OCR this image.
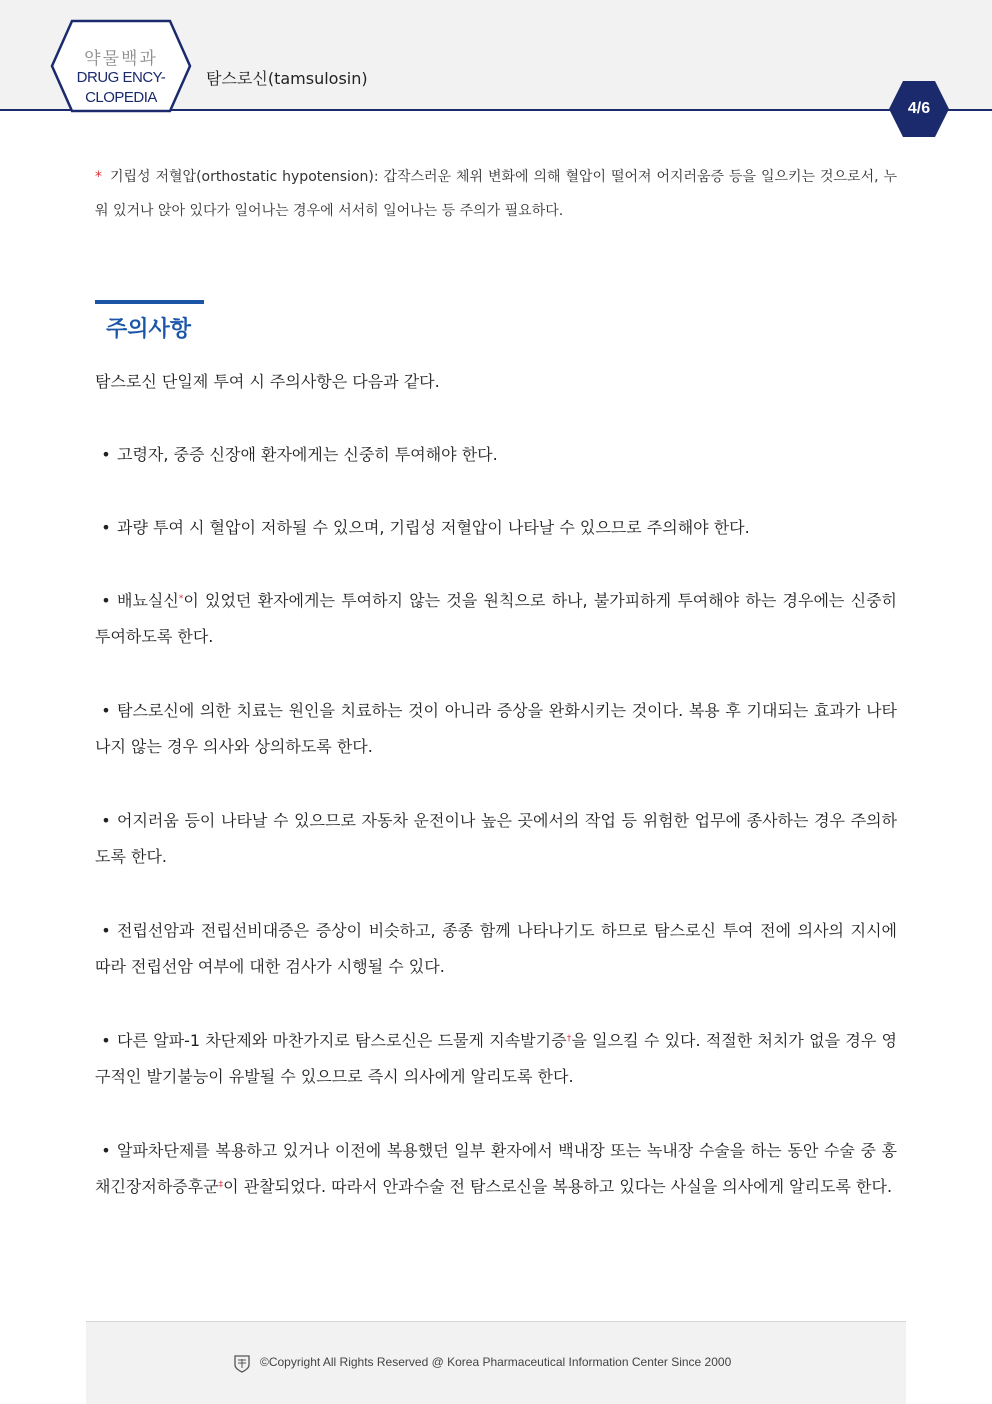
약물백과
DRUG ENCY-
CLOPEDIA
탐스로신(tamsulosin)
4/6
* 기립성 저혈압(orthostatic hypotension): 갑작스러운 체위 변화에 의해 혈압이 떨어져 어지러움증 등을 일으키는 것으로서, 누워 있거나 앉아 있다가 일어나는 경우에 서서히 일어나는 등 주의가 필요하다.
주의사항
탐스로신 단일제 투여 시 주의사항은 다음과 같다.
• 고령자, 중증 신장애 환자에게는 신중히 투여해야 한다.
• 과량 투여 시 혈압이 저하될 수 있으며, 기립성 저혈압이 나타날 수 있으므로 주의해야 한다.
• 배뇨실신*이 있었던 환자에게는 투여하지 않는 것을 원칙으로 하나, 불가피하게 투여해야 하는 경우에는 신중히 투여하도록 한다.
• 탐스로신에 의한 치료는 원인을 치료하는 것이 아니라 증상을 완화시키는 것이다. 복용 후 기대되는 효과가 나타나지 않는 경우 의사와 상의하도록 한다.
• 어지러움 등이 나타날 수 있으므로 자동차 운전이나 높은 곳에서의 작업 등 위험한 업무에 종사하는 경우 주의하도록 한다.
• 전립선암과 전립선비대증은 증상이 비슷하고, 종종 함께 나타나기도 하므로 탐스로신 투여 전에 의사의 지시에 따라 전립선암 여부에 대한 검사가 시행될 수 있다.
• 다른 알파-1 차단제와 마찬가지로 탐스로신은 드물게 지속발기증†을 일으킬 수 있다. 적절한 처치가 없을 경우 영구적인 발기불능이 유발될 수 있으므로 즉시 의사에게 알리도록 한다.
• 알파차단제를 복용하고 있거나 이전에 복용했던 일부 환자에서 백내장 또는 녹내장 수술을 하는 동안 수술 중 홍채긴장저하증후군‡이 관찰되었다. 따라서 안과수술 전 탐스로신을 복용하고 있다는 사실을 의사에게 알리도록 한다.
©Copyright All Rights Reserved @ Korea Pharmaceutical Information Center Since 2000
